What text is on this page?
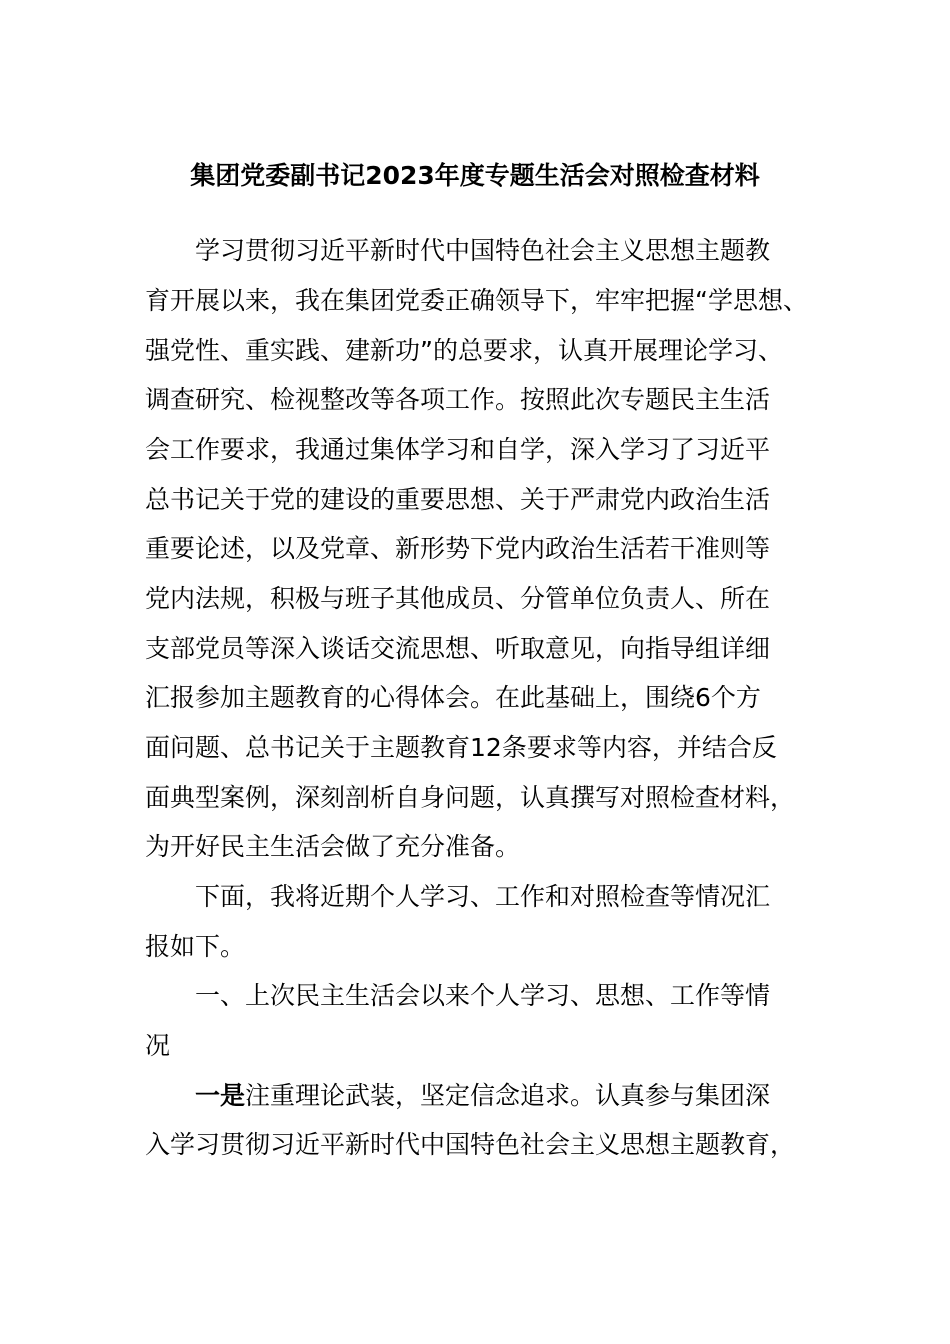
集团党委副书记2023年度专题生活会对照检查材料
学习贯彻习近平新时代中国特色社会主义思想主题教
育开展以来，我在集团党委正确领导下，牢牢把握“学思想、
强党性、重实践、建新功”的总要求，认真开展理论学习、
调查研究、检视整改等各项工作。按照此次专题民主生活
会工作要求，我通过集体学习和自学，深入学习了习近平
总书记关于党的建设的重要思想、关于严肃党内政治生活
重要论述，以及党章、新形势下党内政治生活若干准则等
党内法规，积极与班子其他成员、分管单位负责人、所在
支部党员等深入谈话交流思想、听取意见，向指导组详细
汇报参加主题教育的心得体会。在此基础上，围绕6个方
面问题、总书记关于主题教育12条要求等内容，并结合反
面典型案例，深刻剖析自身问题，认真撰写对照检查材料，
为开好民主生活会做了充分准备。
下面，我将近期个人学习、工作和对照检查等情况汇
报如下。
一、上次民主生活会以来个人学习、思想、工作等情
况
一是注重理论武装，坚定信念追求。认真参与集团深
入学习贯彻习近平新时代中国特色社会主义思想主题教育，
